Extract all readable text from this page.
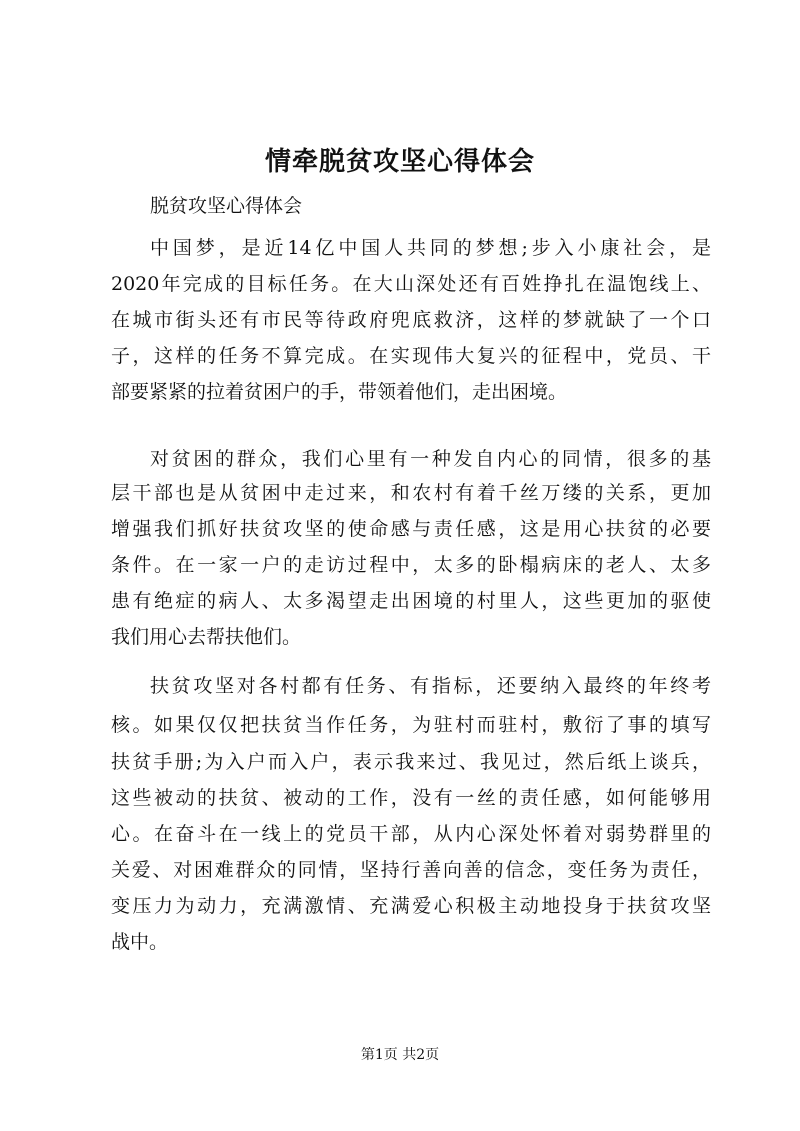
情牵脱贫攻坚心得体会
脱贫攻坚心得体会
中国梦，是近14亿中国人共同的梦想;步入小康社会，是
2020年完成的目标任务。在大山深处还有百姓挣扎在温饱线上、
在城市街头还有市民等待政府兜底救济，这样的梦就缺了一个口
子，这样的任务不算完成。在实现伟大复兴的征程中，党员、干
部要紧紧的拉着贫困户的手，带领着他们，走出困境。
对贫困的群众，我们心里有一种发自内心的同情，很多的基
层干部也是从贫困中走过来，和农村有着千丝万缕的关系，更加
增强我们抓好扶贫攻坚的使命感与责任感，这是用心扶贫的必要
条件。在一家一户的走访过程中，太多的卧榻病床的老人、太多
患有绝症的病人、太多渴望走出困境的村里人，这些更加的驱使
我们用心去帮扶他们。
扶贫攻坚对各村都有任务、有指标，还要纳入最终的年终考
核。如果仅仅把扶贫当作任务，为驻村而驻村，敷衍了事的填写
扶贫手册;为入户而入户，表示我来过、我见过，然后纸上谈兵，
这些被动的扶贫、被动的工作，没有一丝的责任感，如何能够用
心。在奋斗在一线上的党员干部，从内心深处怀着对弱势群里的
关爱、对困难群众的同情，坚持行善向善的信念，变任务为责任，
变压力为动力，充满激情、充满爱心积极主动地投身于扶贫攻坚
战中。
第1页 共2页
